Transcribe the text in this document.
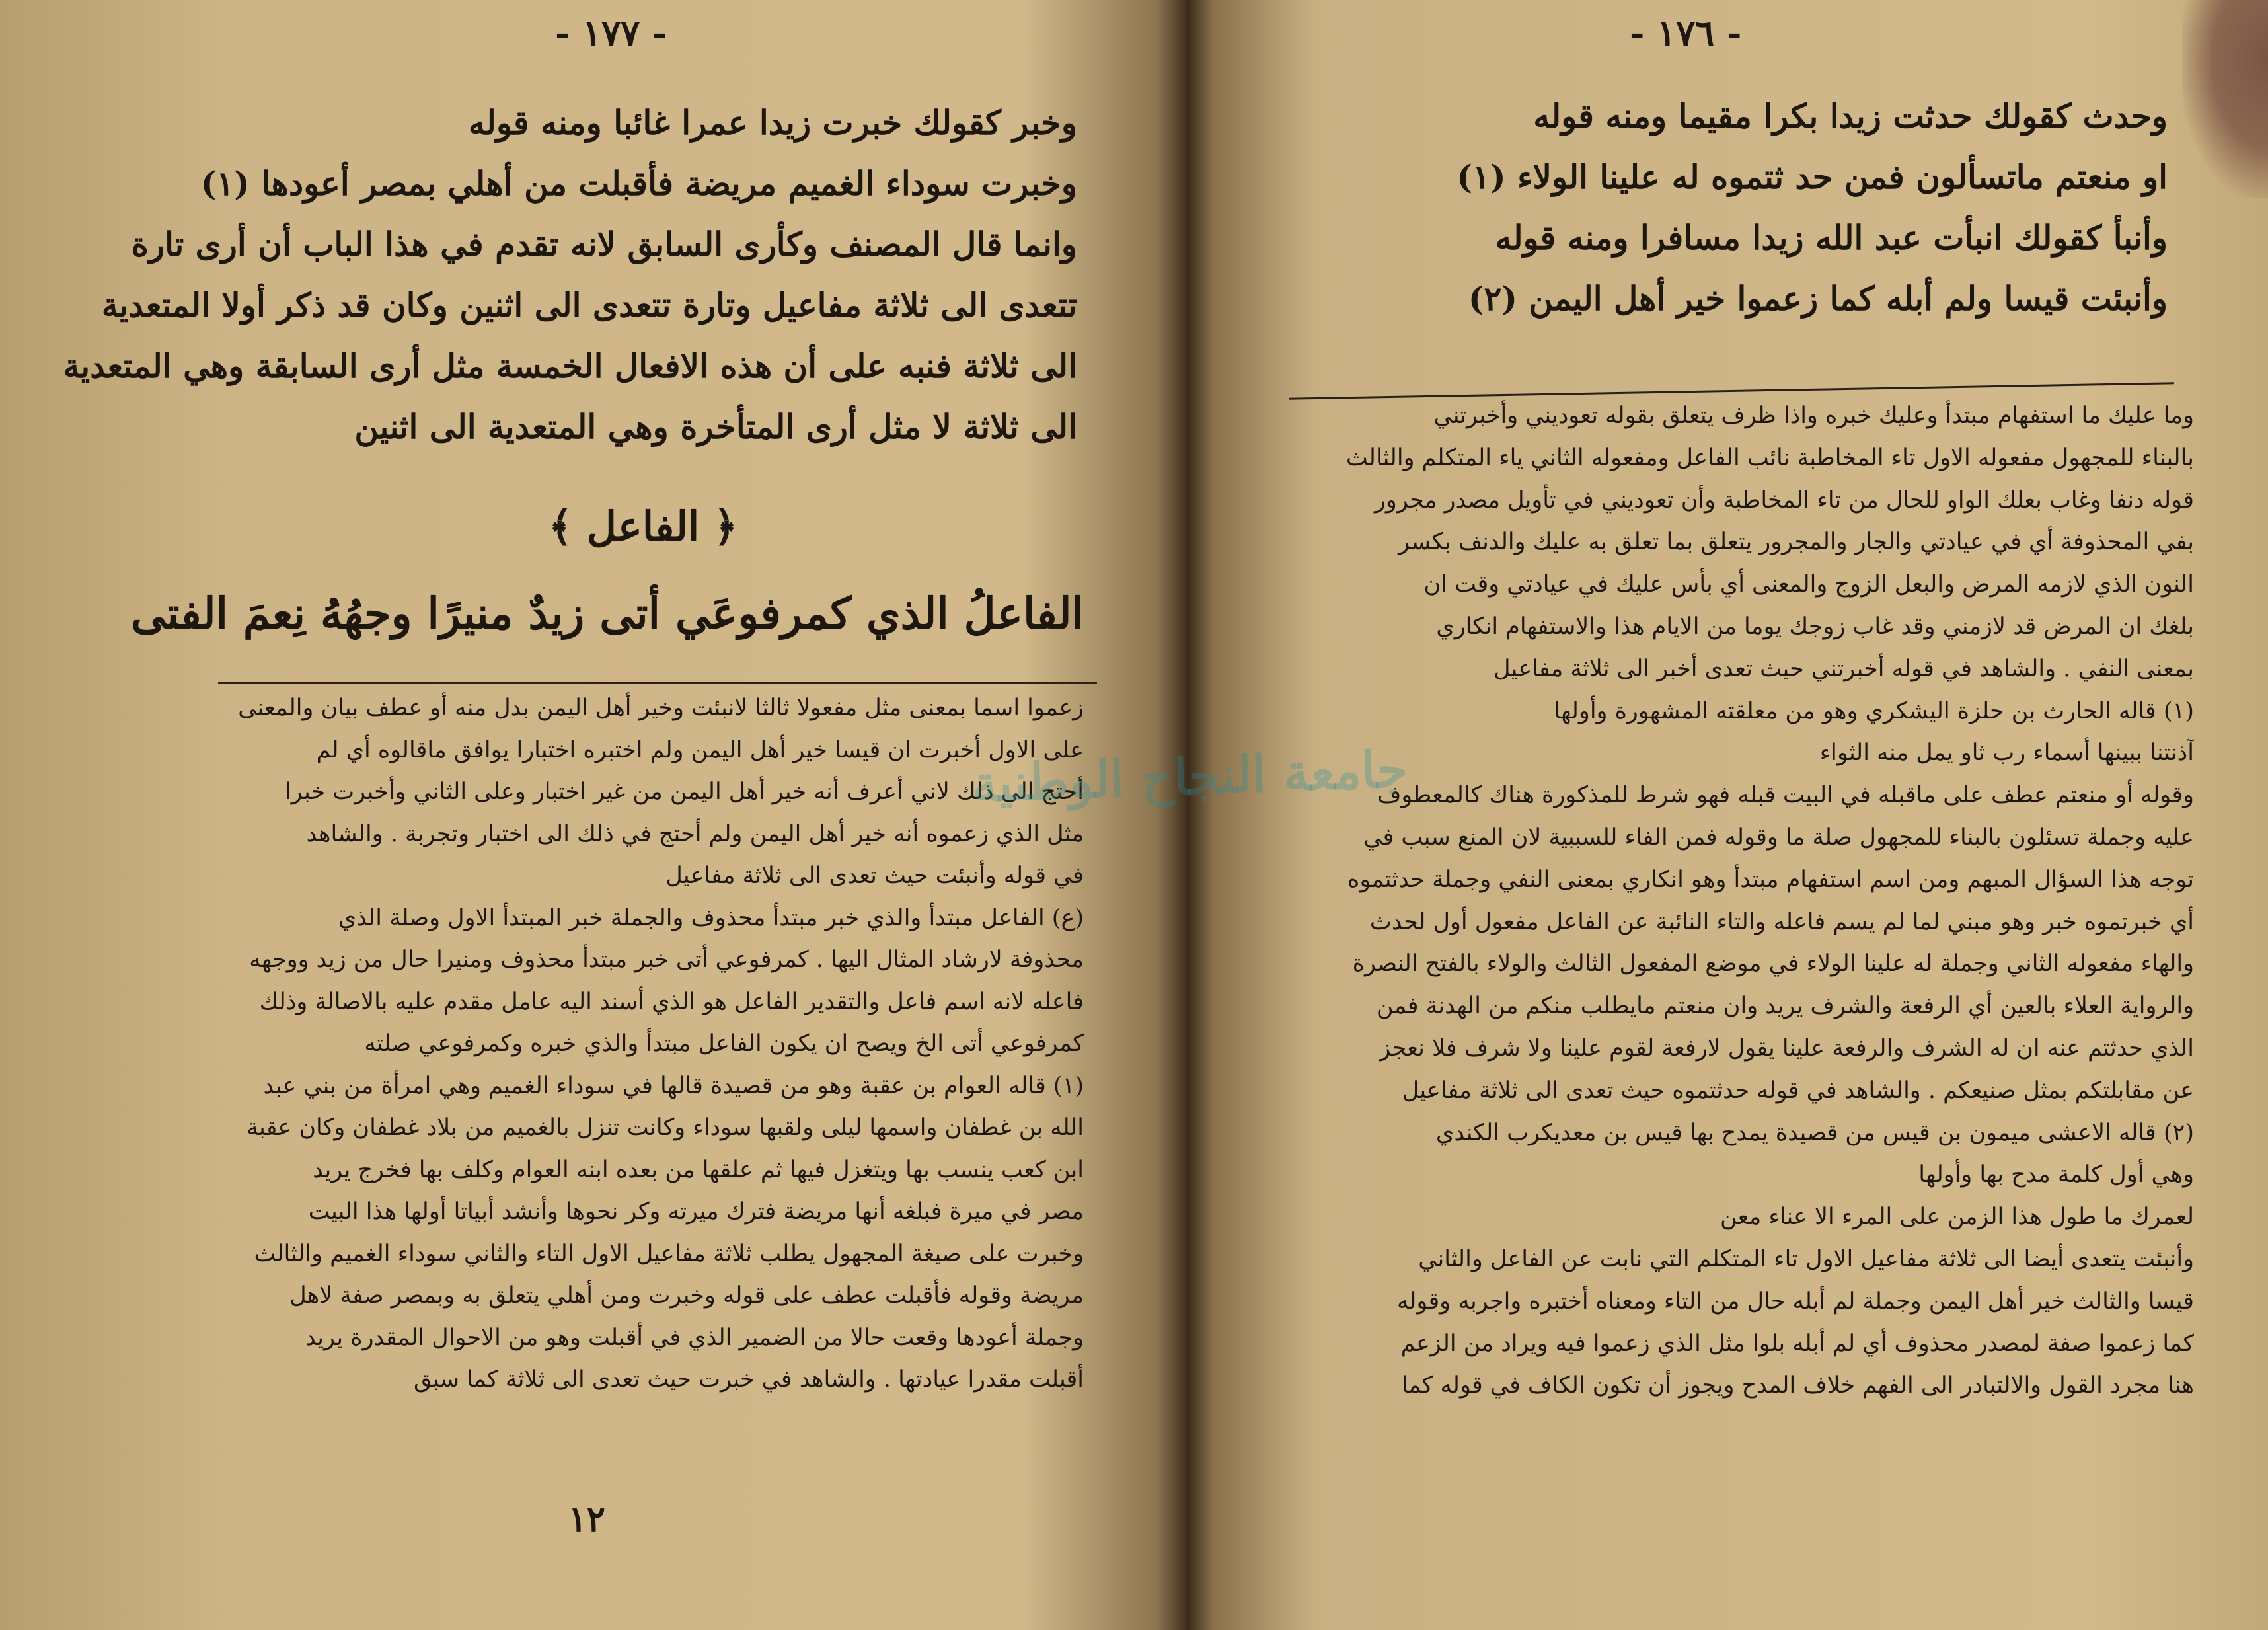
- ١٧٧ -
وخبر كقولك خبرت زيدا عمرا غائبا ومنه قوله
وخبرت سوداء الغميم مريضة فأقبلت من أهلي بمصر أعودها (١)
وانما قال المصنف وكأرى السابق لانه تقدم في هذا الباب أن أرى تارة
تتعدى الى ثلاثة مفاعيل وتارة تتعدى الى اثنين وكان قد ذكر أولا المتعدية
الى ثلاثة فنبه على أن هذه الافعال الخمسة مثل أرى السابقة وهي المتعدية
الى ثلاثة لا مثل أرى المتأخرة وهي المتعدية الى اثنين
﴿ الفاعل ﴾
الفاعلُ الذي كمرفوعَي أتى زيدٌ منيرًا وجهُهُ نِعمَ الفتى
زعموا اسما بمعنى مثل مفعولا ثالثا لانبئت وخير أهل اليمن بدل منه أو عطف بيان والمعنى
على الاول أخبرت ان قيسا خير أهل اليمن ولم اختبره اختبارا يوافق ماقالوه أي لم
أحتج الى ذلك لاني أعرف أنه خير أهل اليمن من غير اختبار وعلى الثاني وأخبرت خبرا
مثل الذي زعموه أنه خير أهل اليمن ولم أحتج في ذلك الى اختبار وتجربة . والشاهد
في قوله وأنبئت حيث تعدى الى ثلاثة مفاعيل
(ع) الفاعل مبتدأ والذي خبر مبتدأ محذوف والجملة خبر المبتدأ الاول وصلة الذي
محذوفة لارشاد المثال اليها . كمرفوعي أتى خبر مبتدأ محذوف ومنيرا حال من زيد ووجهه
فاعله لانه اسم فاعل والتقدير الفاعل هو الذي أسند اليه عامل مقدم عليه بالاصالة وذلك
كمرفوعي أتى الخ ويصح ان يكون الفاعل مبتدأ والذي خبره وكمرفوعي صلته
(١) قاله العوام بن عقبة وهو من قصيدة قالها في سوداء الغميم وهي امرأة من بني عبد
الله بن غطفان واسمها ليلى ولقبها سوداء وكانت تنزل بالغميم من بلاد غطفان وكان عقبة
ابن كعب ينسب بها ويتغزل فيها ثم علقها من بعده ابنه العوام وكلف بها فخرج يريد
مصر في ميرة فبلغه أنها مريضة فترك ميرته وكر نحوها وأنشد أبياتا أولها هذا البيت
وخبرت على صيغة المجهول يطلب ثلاثة مفاعيل الاول التاء والثاني سوداء الغميم والثالث
مريضة وقوله فأقبلت عطف على قوله وخبرت ومن أهلي يتعلق به وبمصر صفة لاهل
وجملة أعودها وقعت حالا من الضمير الذي في أقبلت وهو من الاحوال المقدرة يريد
أقبلت مقدرا عيادتها . والشاهد في خبرت حيث تعدى الى ثلاثة كما سبق
١٢
- ١٧٦ -
وحدث كقولك حدثت زيدا بكرا مقيما ومنه قوله
او منعتم ماتسألون فمن حد ثتموه له علينا الولاء (١)
وأنبأ كقولك انبأت عبد الله زيدا مسافرا ومنه قوله
وأنبئت قيسا ولم أبله كما زعموا خير أهل اليمن (٢)
وما عليك ما استفهام مبتدأ وعليك خبره واذا ظرف يتعلق بقوله تعوديني وأخبرتني
بالبناء للمجهول مفعوله الاول تاء المخاطبة نائب الفاعل ومفعوله الثاني ياء المتكلم والثالث
قوله دنفا وغاب بعلك الواو للحال من تاء المخاطبة وأن تعوديني في تأويل مصدر مجرور
بفي المحذوفة أي في عيادتي والجار والمجرور يتعلق بما تعلق به عليك والدنف بكسر
النون الذي لازمه المرض والبعل الزوج والمعنى أي بأس عليك في عيادتي وقت ان
بلغك ان المرض قد لازمني وقد غاب زوجك يوما من الايام هذا والاستفهام انكاري
بمعنى النفي . والشاهد في قوله أخبرتني حيث تعدى أخبر الى ثلاثة مفاعيل
(١) قاله الحارث بن حلزة اليشكري وهو من معلقته المشهورة وأولها
آذنتنا ببينها أسماء رب ثاو يمل منه الثواء
وقوله أو منعتم عطف على ماقبله في البيت قبله فهو شرط للمذكورة هناك كالمعطوف
عليه وجملة تسئلون بالبناء للمجهول صلة ما وقوله فمن الفاء للسببية لان المنع سبب في
توجه هذا السؤال المبهم ومن اسم استفهام مبتدأ وهو انكاري بمعنى النفي وجملة حدثتموه
أي خبرتموه خبر وهو مبني لما لم يسم فاعله والتاء النائبة عن الفاعل مفعول أول لحدث
والهاء مفعوله الثاني وجملة له علينا الولاء في موضع المفعول الثالث والولاء بالفتح النصرة
والرواية العلاء بالعين أي الرفعة والشرف يريد وان منعتم مايطلب منكم من الهدنة فمن
الذي حدثتم عنه ان له الشرف والرفعة علينا يقول لارفعة لقوم علينا ولا شرف فلا نعجز
عن مقابلتكم بمثل صنيعكم . والشاهد في قوله حدثتموه حيث تعدى الى ثلاثة مفاعيل
(٢) قاله الاعشى ميمون بن قيس من قصيدة يمدح بها قيس بن معديكرب الكندي
وهي أول كلمة مدح بها وأولها
لعمرك ما طول هذا الزمن على المرء الا عناء معن
وأنبئت يتعدى أيضا الى ثلاثة مفاعيل الاول تاء المتكلم التي نابت عن الفاعل والثاني
قيسا والثالث خير أهل اليمن وجملة لم أبله حال من التاء ومعناه أختبره واجربه وقوله
كما زعموا صفة لمصدر محذوف أي لم أبله بلوا مثل الذي زعموا فيه ويراد من الزعم
هنا مجرد القول والالتبادر الى الفهم خلاف المدح ويجوز أن تكون الكاف في قوله كما
جامعة النجاح الوطنية
